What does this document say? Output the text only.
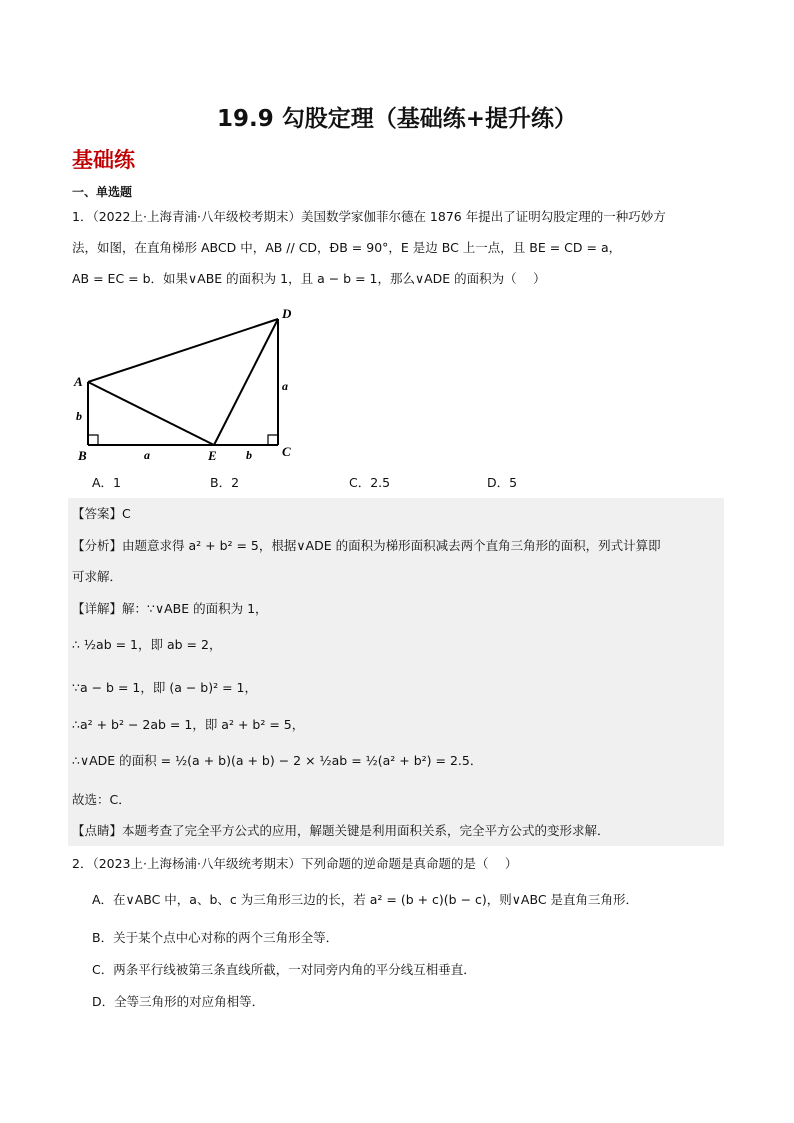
19.9 勾股定理（基础练+提升练）
基础练
一、单选题
1．（2022上·上海青浦·八年级校考期末）美国数学家伽菲尔德在 1876 年提出了证明勾股定理的一种巧妙方
法，如图，在直角梯形 ABCD 中，AB // CD，ÐB = 90°，E 是边 BC 上一点，且 BE = CD = a，
AB = EC = b．如果∨ABE 的面积为 1，且 a − b = 1，那么∨ADE 的面积为（　 ）
A
B	C
D
E
b
a	b
a
A．1	B．2	C．2.5	D．5
【答案】C
【分析】由题意求得 a² + b² = 5，根据∨ADE 的面积为梯形面积减去两个直角三角形的面积，列式计算即
可求解．
【详解】解：∵∨ABE 的面积为 1，
∴ ½ab = 1，即 ab = 2，
∵a − b = 1，即 (a − b)² = 1，
∴a² + b² − 2ab = 1，即 a² + b² = 5，
∴∨ADE 的面积 = ½(a + b)(a + b) − 2 × ½ab = ½(a² + b²) = 2.5．
故选：C．
【点睛】本题考查了完全平方公式的应用，解题关键是利用面积关系，完全平方公式的变形求解．
2．（2023上·上海杨浦·八年级统考期末）下列命题的逆命题是真命题的是（　 ）
A．在∨ABC 中，a、b、c 为三角形三边的长，若 a² = (b + c)(b − c)，则∨ABC 是直角三角形．
B．关于某个点中心对称的两个三角形全等．
C．两条平行线被第三条直线所截，一对同旁内角的平分线互相垂直．
D．全等三角形的对应角相等．
